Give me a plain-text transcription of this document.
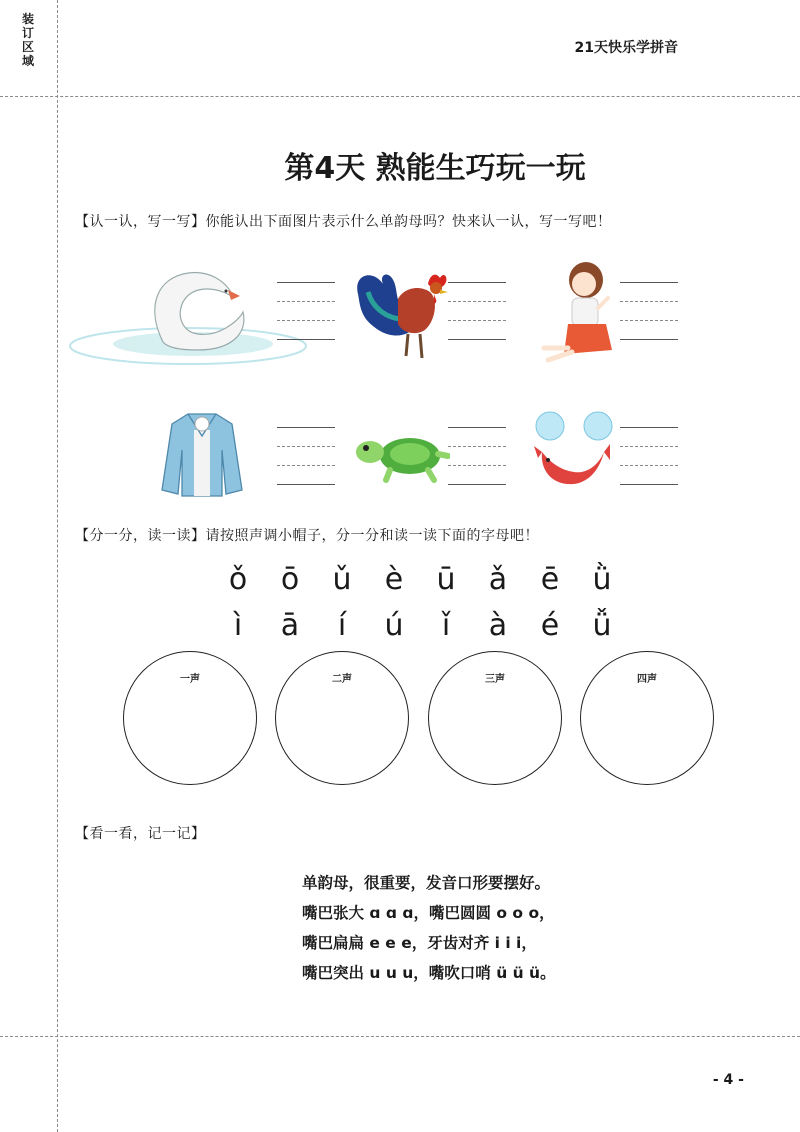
装
订
区
域
21天快乐学拼音
第4天 熟能生巧玩一玩
【认一认，写一写】你能认出下面图片表示什么单韵母吗？快来认一认，写一写吧！
【分一分，读一读】请按照声调小帽子，分一分和读一读下面的字母吧！
ǒ ō ǔ è ū ǎ ē ǜ
ì	ā	í	ú	ǐ	à é ǚ
一声	二声	三声	四声
【看一看，记一记】
单韵母，很重要，发音口形要摆好。
嘴巴张大 ɑ ɑ ɑ，嘴巴圆圆 o o o，
嘴巴扁扁 e e e，牙齿对齐 i i i，
嘴巴突出 u u u，嘴吹口哨 ü ü ü。
- 4 -
